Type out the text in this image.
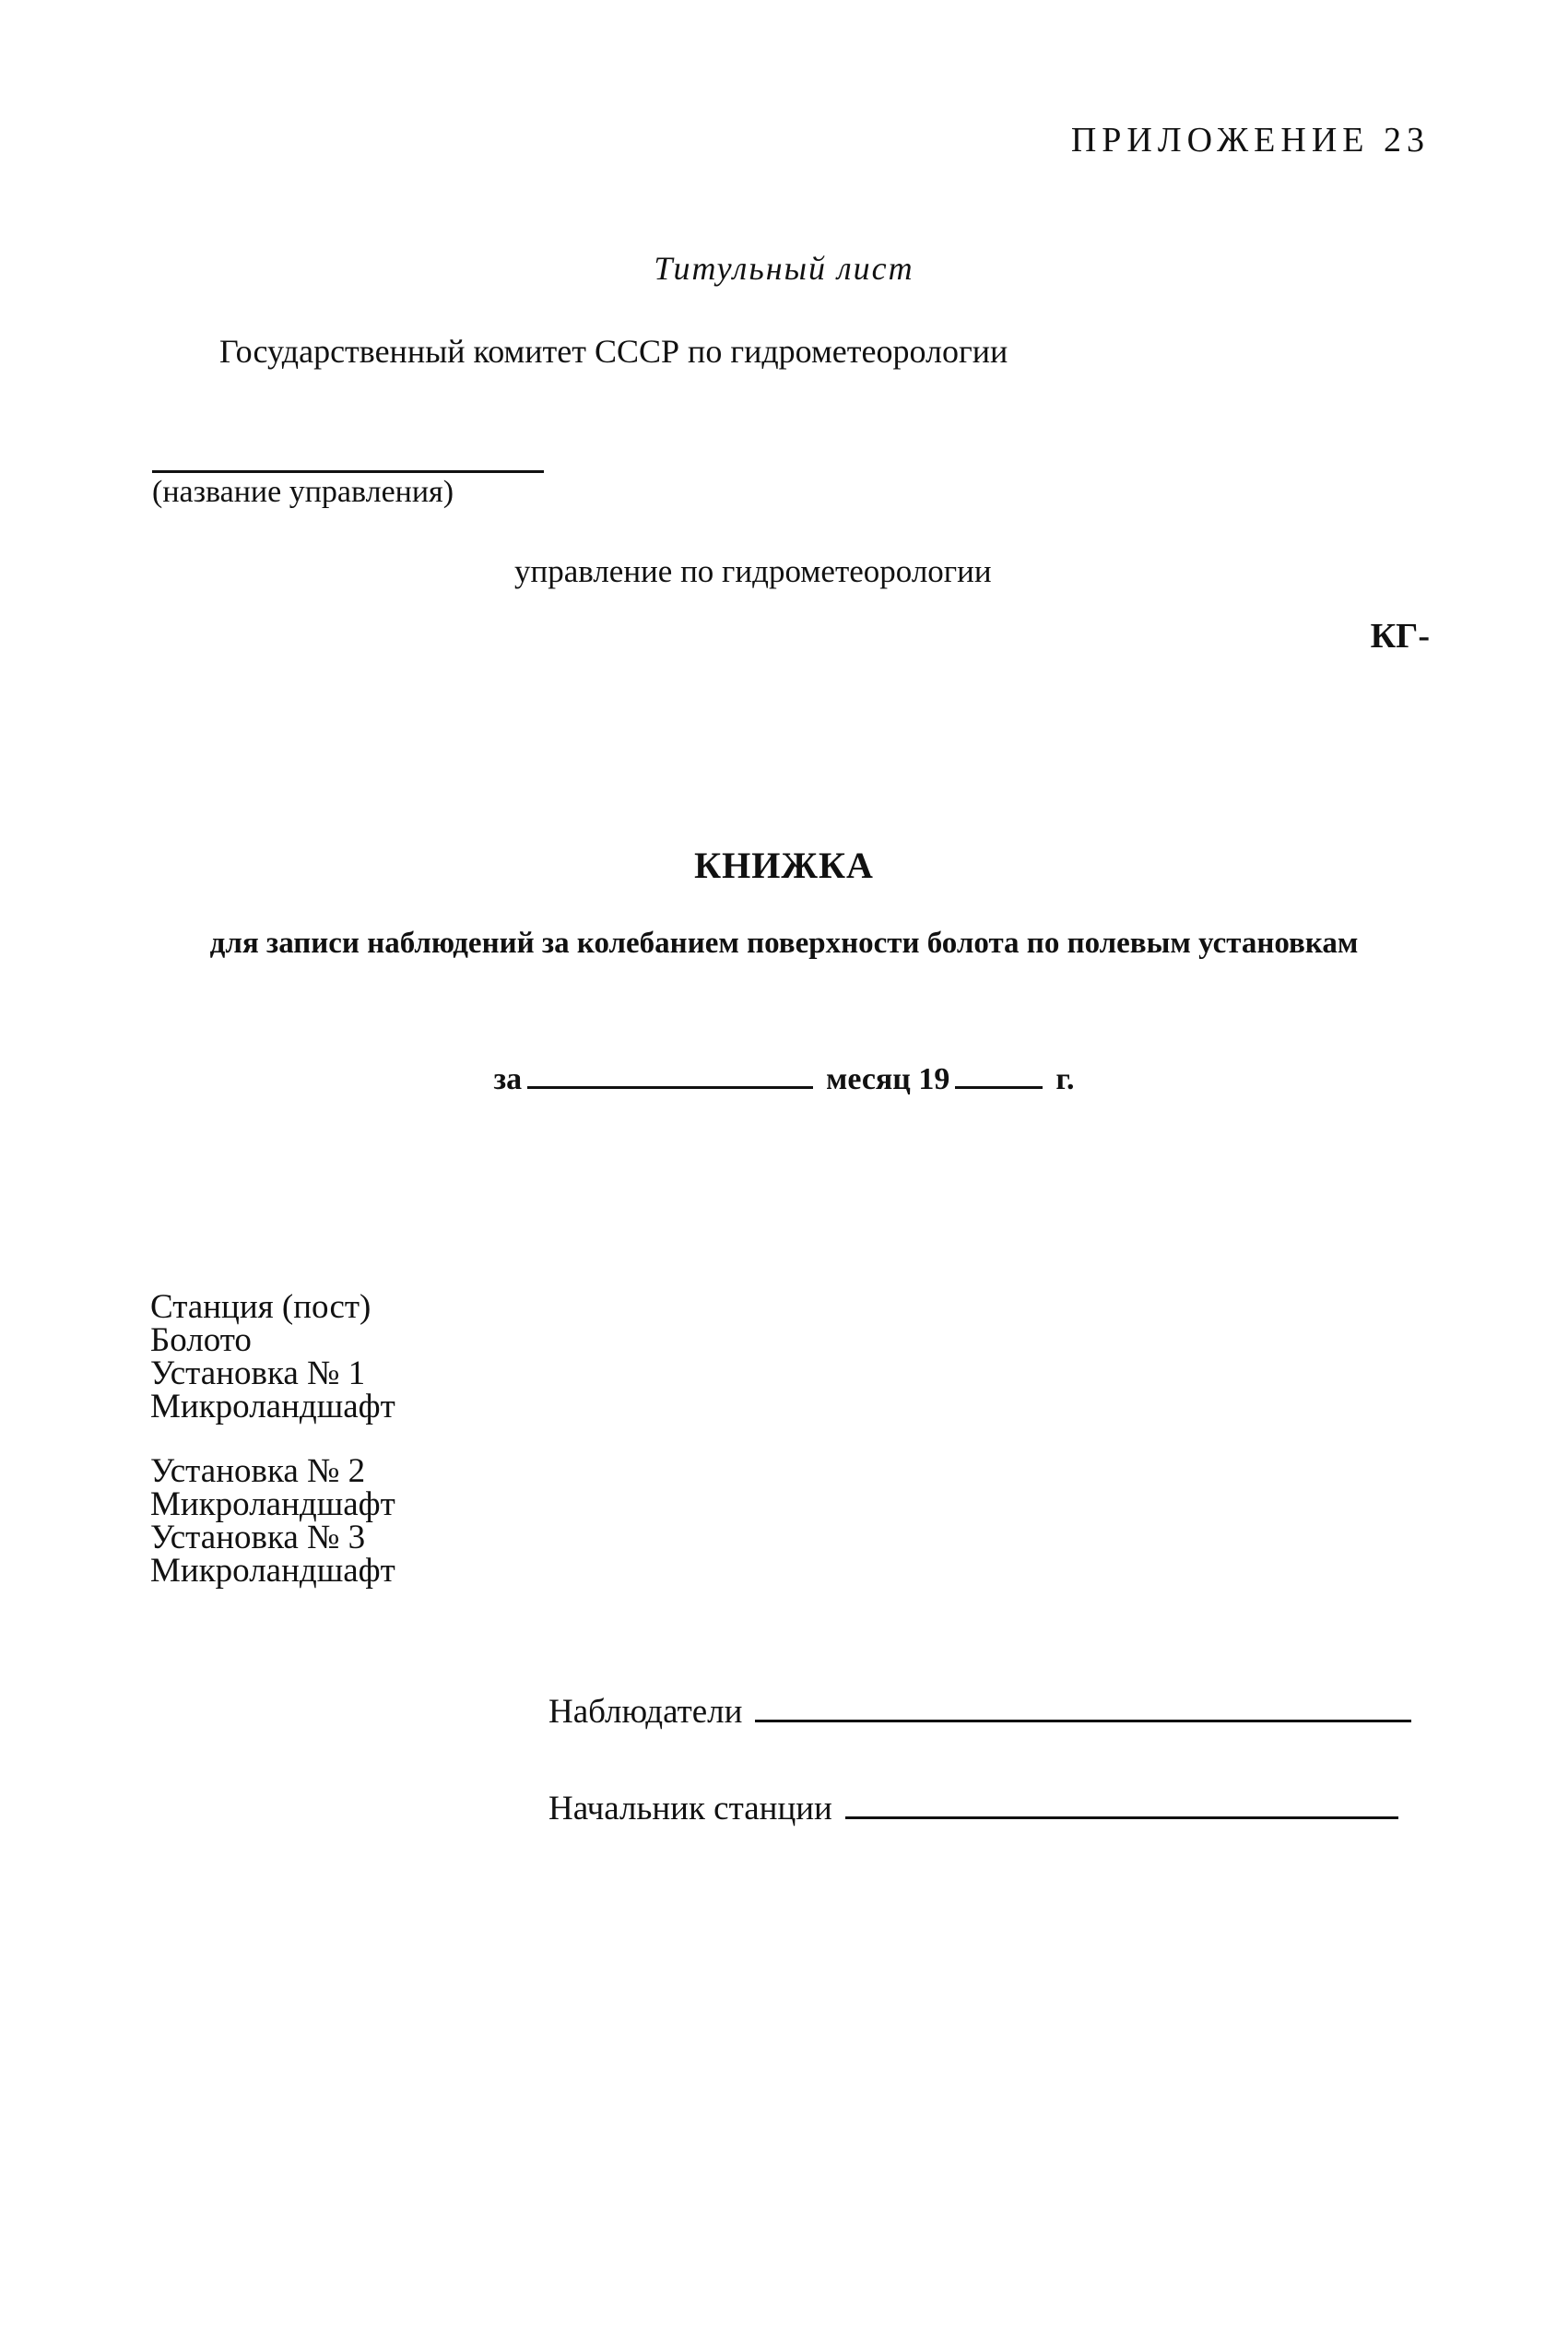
ПРИЛОЖЕНИЕ 23
Титульный лист
Государственный комитет СССР по гидрометеорологии
(название управления)
управление по гидрометеорологии
КГ-
КНИЖКА
для записи наблюдений за колебанием поверхности болота по полевым установкам
за	месяц 19	г.
Станция (пост)
Болото
Установка № 1
Микроландшафт
Установка № 2
Микроландшафт
Установка № 3
Микроландшафт
Наблюдатели
Начальник станции
